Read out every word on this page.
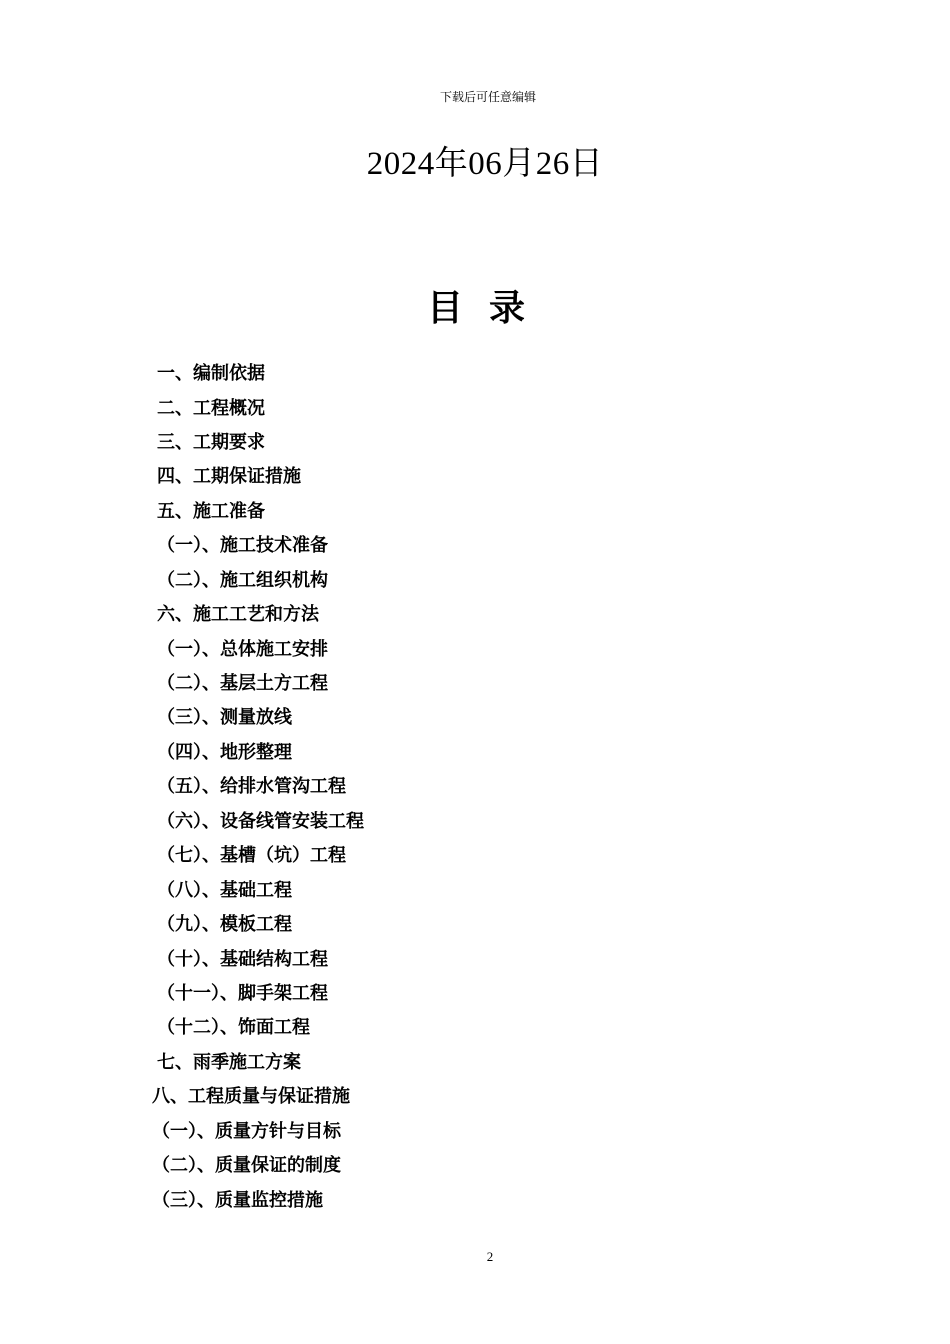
下载后可任意编辑
2024年06月26日
目录
一、编制依据
二、工程概况
三、工期要求
四、工期保证措施
五、施工准备
（一）、施工技术准备
（二）、施工组织机构
六、施工工艺和方法
（一）、总体施工安排
（二）、基层土方工程
（三）、测量放线
（四）、地形整理
（五）、给排水管沟工程
（六）、设备线管安装工程
（七）、基槽（坑）工程
（八）、基础工程
（九）、模板工程
（十）、基础结构工程
（十一）、脚手架工程
（十二）、饰面工程
七、雨季施工方案
八、工程质量与保证措施
（一）、质量方针与目标
（二）、质量保证的制度
（三）、质量监控措施
2
